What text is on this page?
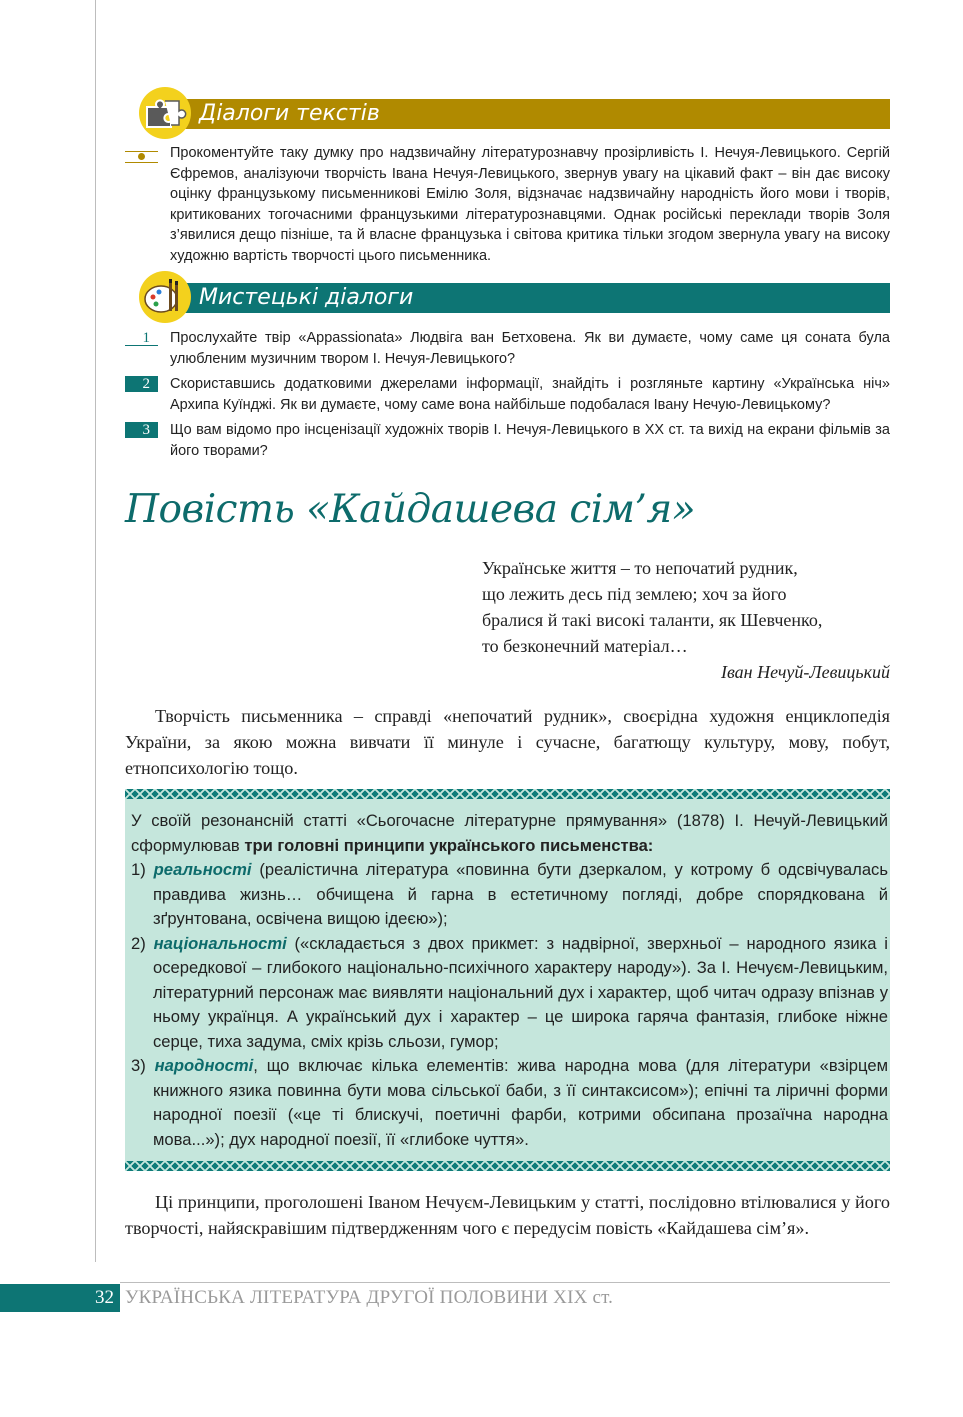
Діалоги текстів
Прокоментуйте таку думку про надзвичайну літературознавчу прозірливість І. Нечуя-Левицького. Сергій Єфремов, аналізуючи творчість Івана Нечуя-Левицького, звернув увагу на цікавий факт – він дає високу оцінку французькому письменникові Емілю Золя, відзначає надзвичайну народність його мови і творів, критикованих тогочасними французькими літературознавцями. Однак російські переклади творів Золя з’явилися дещо пізніше, та й власне французька і світова критика тільки згодом звернула увагу на високу художню вартість творчості цього письменника.
Мистецькі діалоги
1 Прослухайте твір «Appassionata» Людвіга ван Бетховена. Як ви думаєте, чому саме ця соната була улюбленим музичним твором І. Нечуя-Левицького?
2 Скориставшись додатковими джерелами інформації, знайдіть і розгляньте картину «Українська ніч» Архипа Куїнджі. Як ви думаєте, чому саме вона найбільше подобалася Івану Нечую-Левицькому?
3 Що вам відомо про інсценізації художніх творів І. Нечуя-Левицького в ХХ ст. та вихід на екрани фільмів за його творами?
Повість «Кайдашева сім’я»
Українське життя – то непочатий рудник,
що лежить десь під землею; хоч за його
бралися й такі високі таланти, як Шевченко,
то безконечний матеріал…
Іван Нечуй-Левицький

Творчість письменника – справді «непочатий рудник», своєрідна художня енциклопедія України, за якою можна вивчати її минуле і сучасне, багатющу культуру, мову, побут, етнопсихологію тощо.

У своїй резонансній статті «Сьогочасне літературне прямування» (1878) І. Нечуй-Левицький сформулював три головні принципи українського письменства:
1) реальності (реалістична література «повинна бути дзеркалом, у котрому б одсвічувалась правдива жизнь… обчищена й гарна в естетичному погляді, добре спорядкована й зґрунтована, освічена вищою ідеєю»);
2) національності («складається з двох прикмет: з надвірної, зверхньої – народного язика і осередкової – глибокого національно-психічного характеру народу»). За І. Нечуєм-Левицьким, літературний персонаж має виявляти національний дух і характер, щоб читач одразу впізнав у ньому українця. А український дух і характер – це широка гаряча фантазія, глибоке ніжне серце, тиха задума, сміх крізь сльози, гумор;
3) народності, що включає кілька елементів: жива народна мова (для літератури «взірцем книжного язика повинна бути мова сільської баби, з її синтаксисом»); епічні та ліричні форми народної поезії («це ті блискучі, поетичні фарби, котрими обсипана прозаїчна народна мова...»); дух народної поезії, її «глибоке чуття».

Ці принципи, проголошені Іваном Нечуєм-Левицьким у статті, послідовно втілювалися у його творчості, найяскравішим підтвердженням чого є передусім повість «Кайдашева сім’я».

32 УКРАЇНСЬКА ЛІТЕРАТУРА ДРУГОЇ ПОЛОВИНИ XIX ст.
